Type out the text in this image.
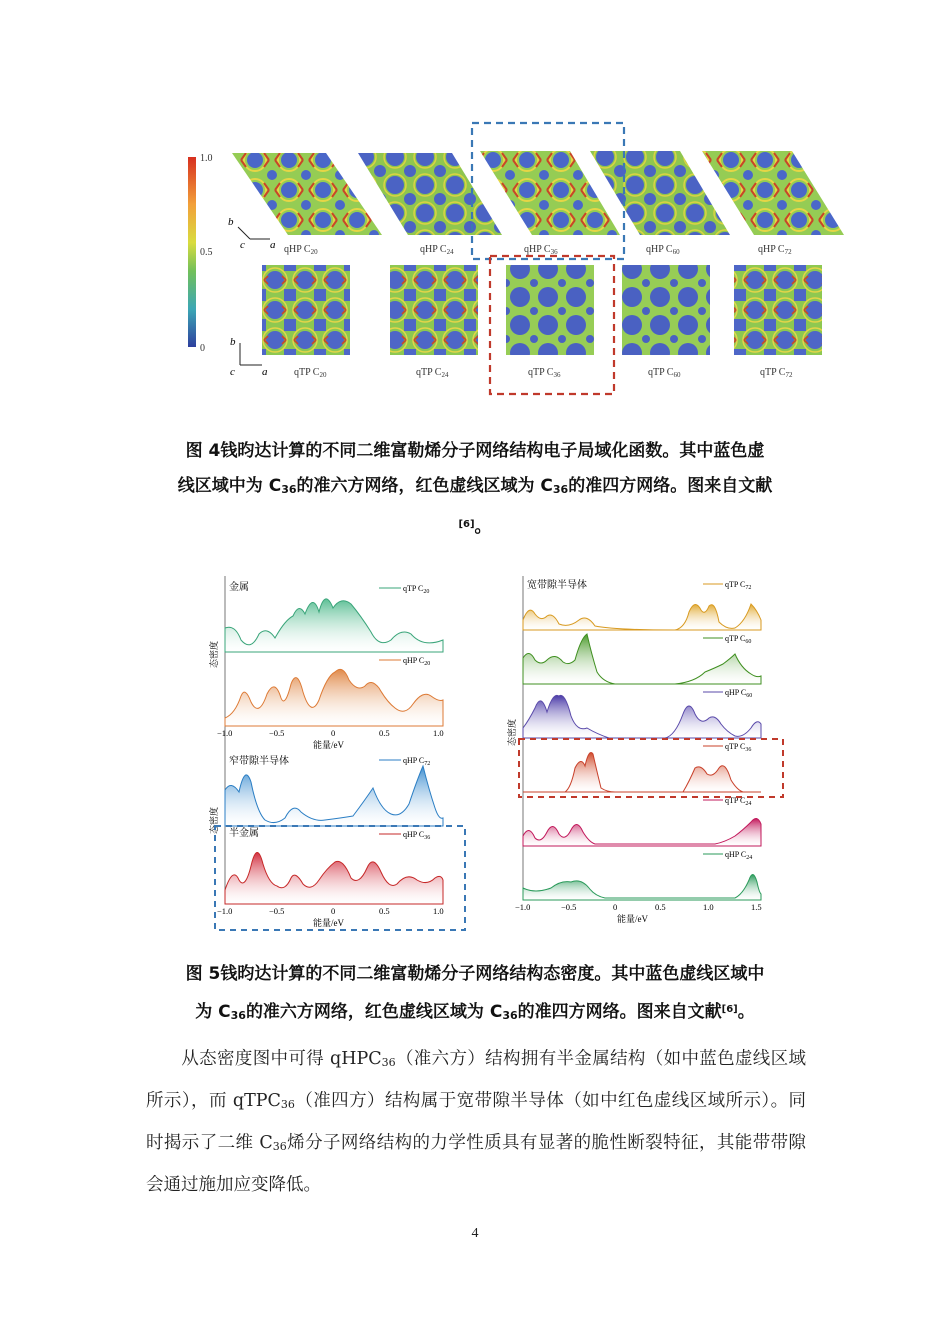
1.0
0.5
0
b
c a
b
c a
qHP $C_{20}$	qHP $C_{24}$	qHP $C_{36}$	qHP $C_{60}$	qHP $C_{72}$
qTP $C_{20}$	qTP $C_{24}$	qTP $C_{36}$	qTP $C_{60}$	qTP $C_{72}$
图 4钱昀达计算的不同二维富勒烯分子网络结构电子局域化函数。其中蓝色虚
线区域中为 $C_{36}$的准六方网络，红色虚线区域为 $C_{36}$的准四方网络。图来自文献
[6]。
金属
窄带隙半导体
半金属
qTP $C_{20}$
qHP $C_{20}$
qHP $C_{72}$
qHP $C_{36}$
态密度
态密度
−1.0	−0.5	0	0.5	1.0
能量/eV
−1.0	−0.5	0	0.5	1.0
能量/eV
宽带隙半导体	qTP $C_{72}$
qTP $C_{60}$
qHP $C_{60}$
qTP $C_{36}$
qTP $C_{24}$
qHP $C_{24}$
态密度
−1.0	−0.5	0	0.5	1.0	1.5
能量/eV
图 5钱昀达计算的不同二维富勒烯分子网络结构态密度。其中蓝色虚线区域中
为 $C_{36}$的准六方网络，红色虚线区域为 $C_{36}$的准四方网络。图来自文献[6]。
从态密度图中可得 qHPC$_{36}$（准六方）结构拥有半金属结构（如中蓝色虚线区域所示），而 qTPC$_{36}$（准四方）结构属于宽带隙半导体（如中红色虚线区域所示）。同时揭示了二维 $C_{36}$烯分子网络结构的力学性质具有显著的脆性断裂特征，其能带带隙会通过施加应变降低。
4
